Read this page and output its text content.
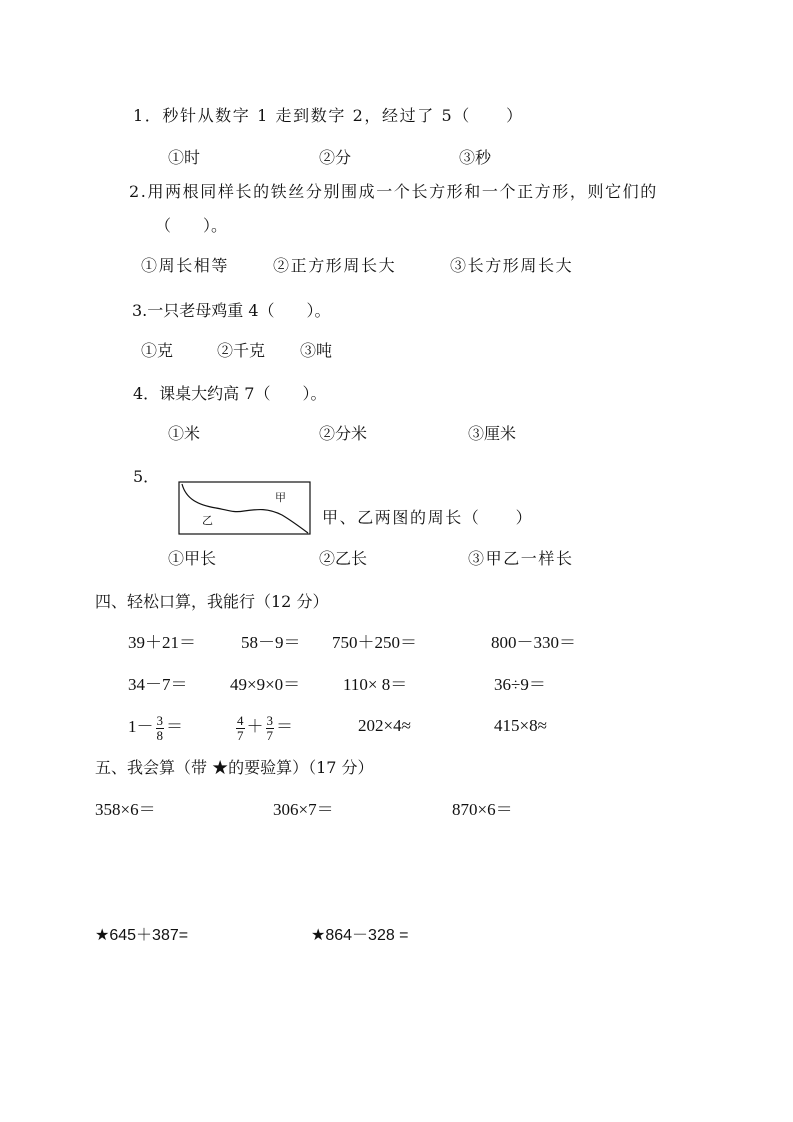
1．秒针从数字 1 走到数字 2，经过了 5（　　）
①时	②分	③秒
2.用两根同样长的铁丝分别围成一个长方形和一个正方形，则它们的
（　　）。
①周长相等	②正方形周长大	③长方形周长大
3.一只老母鸡重 4（　　）。
①克	②千克 ③吨
4．课桌大约高 7（　　）。
①米	②分米	③厘米
5．
甲
乙	甲、乙两图的周长（　　）
①甲长	②乙长	③甲乙一样长
四、轻松口算，我能行（12 分）
39＋21＝	58－9＝ 750＋250＝	800－330＝
34－7＝	49×9×0＝	110× 8＝	36÷9＝
$1- \frac{3}{8}$ ＝	$\frac{4}{7} + \frac{3}{7}$ ＝	202×4≈	415×8≈
五、我会算（带 ★的要验算）（17 分）
358×6＝	306×7＝	870×6＝
★645＋387=	★864－328 =
